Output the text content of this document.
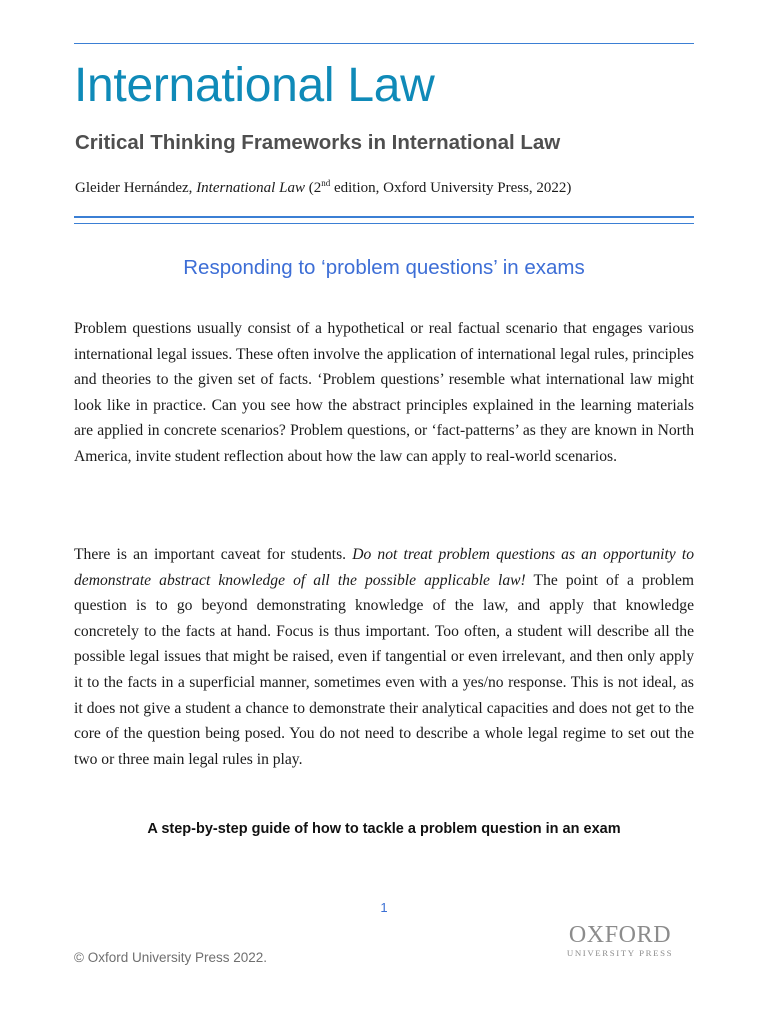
International Law
Critical Thinking Frameworks in International Law
Gleider Hernández, International Law (2nd edition, Oxford University Press, 2022)
Responding to ‘problem questions’ in exams

Problem questions usually consist of a hypothetical or real factual scenario that engages various international legal issues. These often involve the application of international legal rules, principles and theories to the given set of facts. ‘Problem questions’ resemble what international law might look like in practice. Can you see how the abstract principles explained in the learning materials are applied in concrete scenarios? Problem questions, or ‘fact-patterns’ as they are known in North America, invite student reflection about how the law can apply to real-world scenarios.

There is an important caveat for students. Do not treat problem questions as an opportunity to demonstrate abstract knowledge of all the possible applicable law! The point of a problem question is to go beyond demonstrating knowledge of the law, and apply that knowledge concretely to the facts at hand. Focus is thus important. Too often, a student will describe all the possible legal issues that might be raised, even if tangential or even irrelevant, and then only apply it to the facts in a superficial manner, sometimes even with a yes/no response. This is not ideal, as it does not give a student a chance to demonstrate their analytical capacities and does not get to the core of the question being posed. You do not need to describe a whole legal regime to set out the two or three main legal rules in play.

A step-by-step guide of how to tackle a problem question in an exam
1
© Oxford University Press 2022.
OXFORD
UNIVERSITY PRESS
